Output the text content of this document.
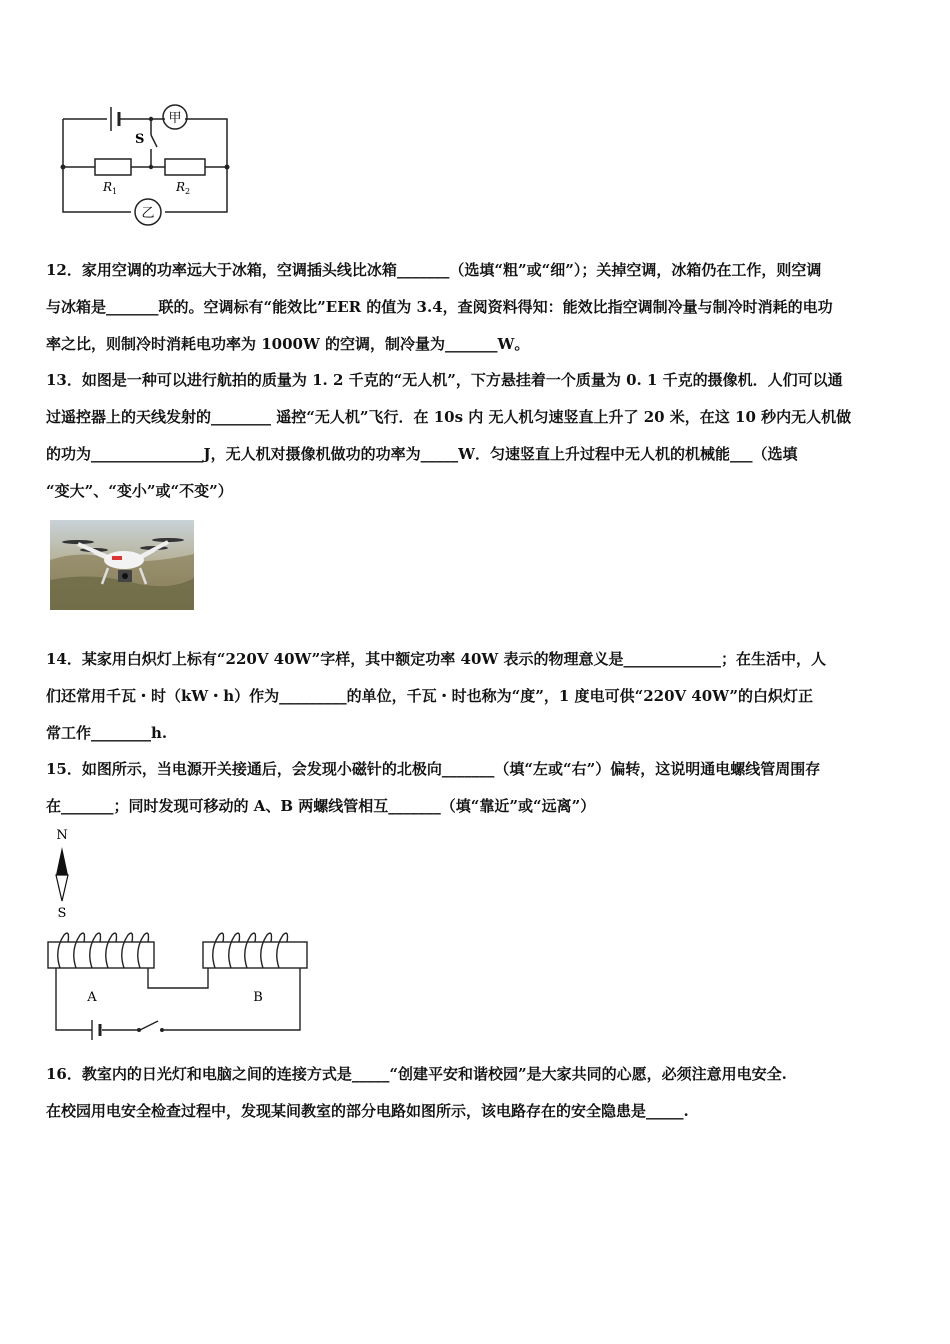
甲
乙
S
R 1	R 2

12．家用空调的功率远大于冰箱，空调插头线比冰箱_______（选填“粗”或“细”）；关掉空调，冰箱仍在工作，则空调
与冰箱是_______联的。空调标有“能效比”EER 的值为 3.4，查阅资料得知：能效比指空调制冷量与制冷时消耗的电功
率之比，则制冷时消耗电功率为 1000W 的空调，制冷量为_______W。

13．如图是一种可以进行航拍的质量为 1. 2 千克的“无人机”，下方悬挂着一个质量为 0. 1 千克的摄像机．人们可以通
过遥控器上的天线发射的________ 遥控“无人机”飞行．在 10s 内 无人机匀速竖直上升了 20 米，在这 10 秒内无人机做
的功为_______________J，无人机对摄像机做功的功率为_____W．匀速竖直上升过程中无人机的机械能___（选填
“变大”、“变小”或“不变”）

14．某家用白炽灯上标有“220V 40W”字样，其中额定功率 40W 表示的物理意义是_____________；在生活中，人
们还常用千瓦・时（kW・h）作为_________的单位，千瓦・时也称为“度”，1 度电可供“220V 40W”的白炽灯正
常工作________h.

15．如图所示，当电源开关接通后，会发现小磁针的北极向_______（填“左或“右”）偏转，这说明通电螺线管周围存
在_______；同时发现可移动的 A、B 两螺线管相互_______（填“靠近”或“远离”）

N
S
A	B

16．教室内的日光灯和电脑之间的连接方式是_____“创建平安和谐校园”是大家共同的心愿，必须注意用电安全.
在校园用电安全检查过程中，发现某间教室的部分电路如图所示，该电路存在的安全隐患是_____.
